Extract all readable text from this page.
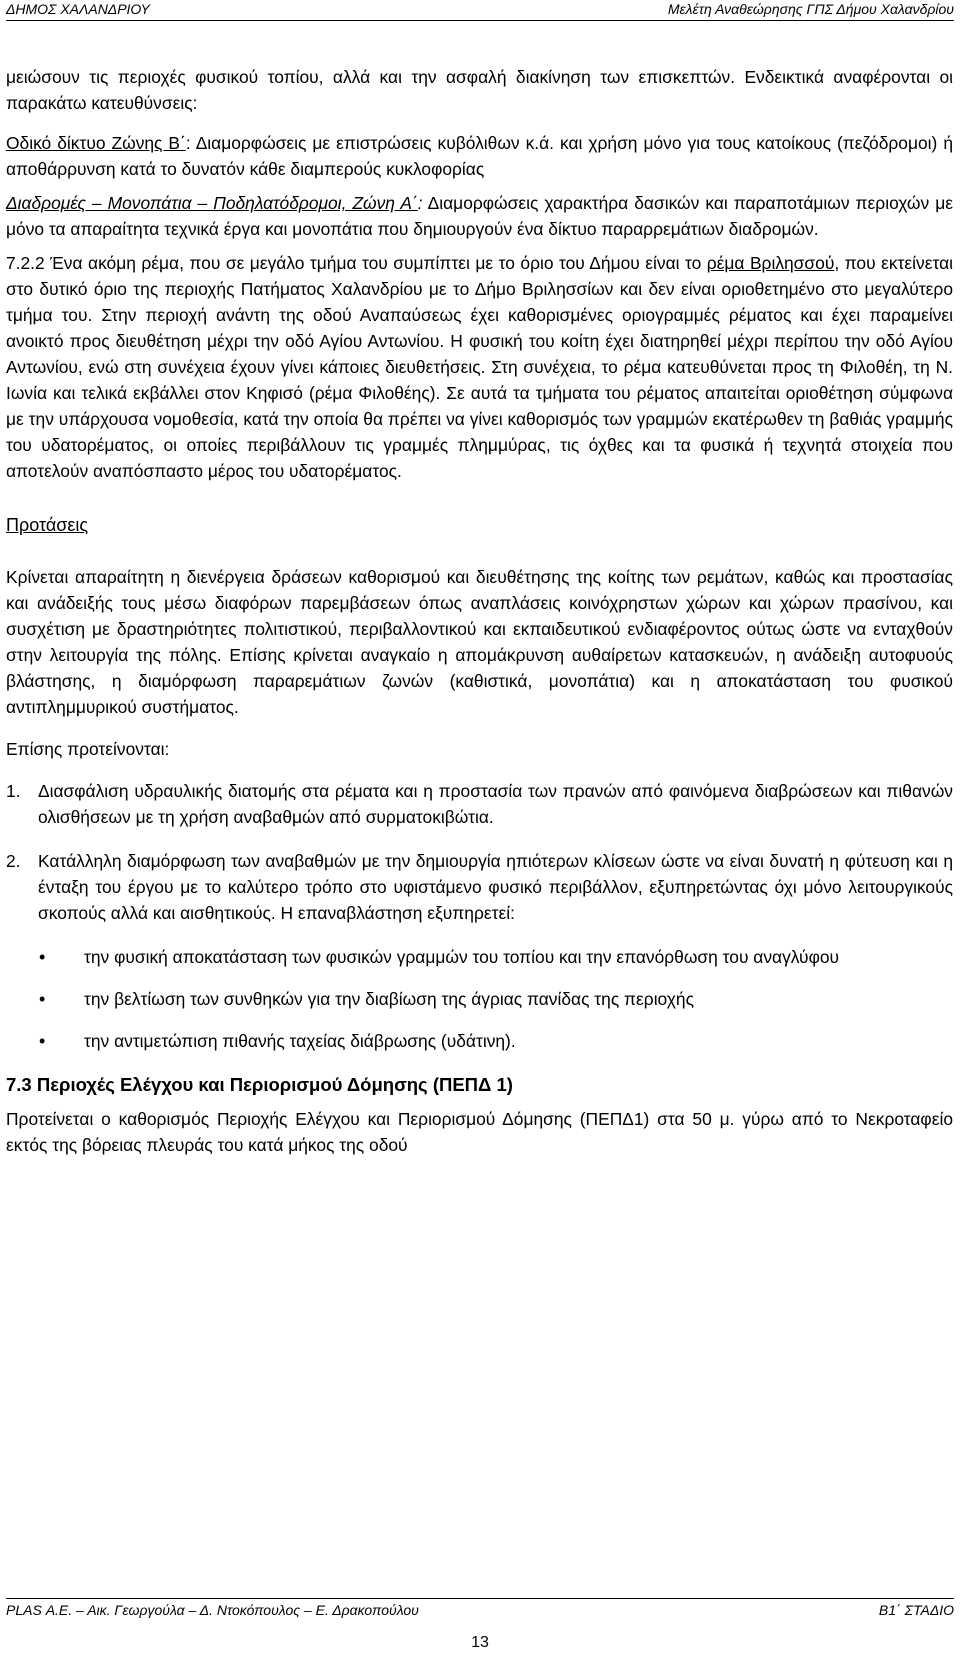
ΔΗΜΟΣ ΧΑΛΑΝΔΡΙΟΥ	Μελέτη Αναθεώρησης ΓΠΣ Δήμου Χαλανδρίου

μειώσουν τις περιοχές φυσικού τοπίου, αλλά και την ασφαλή διακίνηση των επισκεπτών. Ενδεικτικά αναφέρονται οι παρακάτω κατευθύνσεις:

Οδικό δίκτυο Ζώνης Β΄: Διαμορφώσεις με επιστρώσεις κυβόλιθων κ.ά. και χρήση μόνο για τους κατοίκους (πεζόδρομοι) ή αποθάρρυνση κατά το δυνατόν κάθε διαμπερούς κυκλοφορίας

Διαδρομές – Μονοπάτια – Ποδηλατόδρομοι, Ζώνη Α΄: Διαμορφώσεις χαρακτήρα δασικών και παραποτάμιων περιοχών με μόνο τα απαραίτητα τεχνικά έργα και μονοπάτια που δημιουργούν ένα δίκτυο παραρρεμάτιων διαδρομών.

7.2.2 Ένα ακόμη ρέμα, που σε μεγάλο τμήμα του συμπίπτει με το όριο του Δήμου είναι το ρέμα Βριλησσού, που εκτείνεται στο δυτικό όριο της περιοχής Πατήματος Χαλανδρίου με το Δήμο Βριλησσίων και δεν είναι οριοθετημένο στο μεγαλύτερο τμήμα του. Στην περιοχή ανάντη της οδού Αναπαύσεως έχει καθορισμένες οριογραμμές ρέματος και έχει παραμείνει ανοικτό προς διευθέτηση μέχρι την οδό Αγίου Αντωνίου. Η φυσική του κοίτη έχει διατηρηθεί μέχρι περίπου την οδό Αγίου Αντωνίου, ενώ στη συνέχεια έχουν γίνει κάποιες διευθετήσεις. Στη συνέχεια, το ρέμα κατευθύνεται προς τη Φιλοθέη, τη Ν. Ιωνία και τελικά εκβάλλει στον Κηφισό (ρέμα Φιλοθέης). Σε αυτά τα τμήματα του ρέματος απαιτείται οριοθέτηση σύμφωνα με την υπάρχουσα νομοθεσία, κατά την οποία θα πρέπει να γίνει καθορισμός των γραμμών εκατέρωθεν τη βαθιάς γραμμής του υδατορέματος, οι οποίες περιβάλλουν τις γραμμές πλημμύρας, τις όχθες και τα φυσικά ή τεχνητά στοιχεία που αποτελούν αναπόσπαστο μέρος του υδατορέματος.

Προτάσεις

Κρίνεται απαραίτητη η διενέργεια δράσεων καθορισμού και διευθέτησης της κοίτης των ρεμάτων, καθώς και προστασίας και ανάδειξής τους μέσω διαφόρων παρεμβάσεων όπως αναπλάσεις κοινόχρηστων χώρων και χώρων πρασίνου, και συσχέτιση με δραστηριότητες πολιτιστικού, περιβαλλοντικού και εκπαιδευτικού ενδιαφέροντος ούτως ώστε να ενταχθούν στην λειτουργία της πόλης. Επίσης κρίνεται αναγκαίο η απομάκρυνση αυθαίρετων κατασκευών, η ανάδειξη αυτοφυούς βλάστησης, η διαμόρφωση παραρεμάτιων ζωνών (καθιστικά, μονοπάτια) και η αποκατάσταση του φυσικού αντιπλημμυρικού συστήματος.

Επίσης προτείνονται:

1. Διασφάλιση υδραυλικής διατομής στα ρέματα και η προστασία των πρανών από φαινόμενα διαβρώσεων και πιθανών ολισθήσεων με τη χρήση αναβαθμών από συρματοκιβώτια.
2. Κατάλληλη διαμόρφωση των αναβαθμών με την δημιουργία ηπιότερων κλίσεων ώστε να είναι δυνατή η φύτευση και η ένταξη του έργου με το καλύτερο τρόπο στο υφιστάμενο φυσικό περιβάλλον, εξυπηρετώντας όχι μόνο λειτουργικούς σκοπούς αλλά και αισθητικούς. Η επαναβλάστηση εξυπηρετεί:
• την φυσική αποκατάσταση των φυσικών γραμμών του τοπίου και την επανόρθωση του αναγλύφου
• την βελτίωση των συνθηκών για την διαβίωση της άγριας πανίδας της περιοχής
• την αντιμετώπιση πιθανής ταχείας διάβρωσης (υδάτινη).

7.3 Περιοχές Ελέγχου και Περιορισμού Δόμησης (ΠΕΠΔ 1)

Προτείνεται ο καθορισμός Περιοχής Ελέγχου και Περιορισμού Δόμησης (ΠΕΠΔ1) στα 50 μ. γύρω από το Νεκροταφείο εκτός της βόρειας πλευράς του κατά μήκος της οδού

PLAS Α.Ε. – Αικ. Γεωργούλα – Δ. Ντοκόπουλος – Ε. Δρακοπούλου	Β1΄ ΣΤΑΔΙΟ
13
